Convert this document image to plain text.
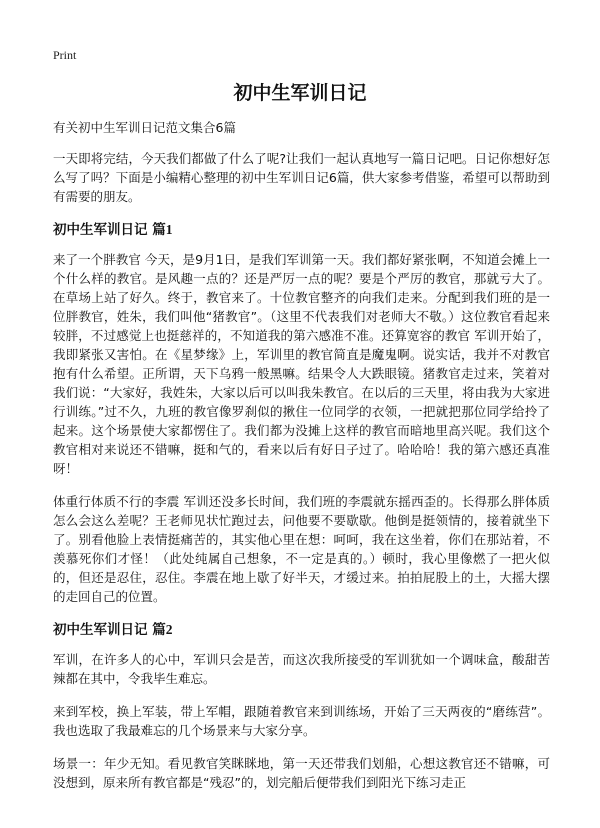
Print
初中生军训日记

有关初中生军训日记范文集合6篇

一天即将完结，今天我们都做了什么了呢?让我们一起认真地写一篇日记吧。日记你想好怎么写了吗？下面是小编精心整理的初中生军训日记6篇，供大家参考借鉴，希望可以帮助到有需要的朋友。

初中生军训日记 篇1

来了一个胖教官 今天，是9月1日，是我们军训第一天。我们都好紧张啊，不知道会摊上一个什么样的教官。是风趣一点的？还是严厉一点的呢？要是个严厉的教官，那就亏大了。在草场上站了好久。终于，教官来了。十位教官整齐的向我们走来。分配到我们班的是一位胖教官，姓朱，我们叫他“猪教官”。（这里不代表我们对老师大不敬。）这位教官看起来较胖，不过感觉上也挺慈祥的，不知道我的第六感准不准。还算宽容的教官 军训开始了，我即紧张又害怕。在《星梦缘》上，军训里的教官简直是魔鬼啊。说实话，我并不对教官抱有什么希望。正所谓，天下乌鸦一般黑嘛。结果令人大跌眼镜。猪教官走过来，笑着对我们说：“大家好，我姓朱，大家以后可以叫我朱教官。在以后的三天里，将由我为大家进行训练。”过不久，九班的教官像罗刹似的揪住一位同学的衣领，一把就把那位同学给拎了起来。这个场景使大家都愣住了。我们都为没摊上这样的教官而暗地里高兴呢。我们这个教官相对来说还不错嘛，挺和气的，看来以后有好日子过了。哈哈哈！我的第六感还真准呀！

体重行体质不行的李震 军训还没多长时间，我们班的李震就东摇西歪的。长得那么胖体质怎么会这么差呢？王老师见状忙跑过去，问他要不要歇歇。他倒是挺领情的，接着就坐下了。别看他脸上表情挺痛苦的，其实他心里在想：呵呵，我在这坐着，你们在那站着，不羡慕死你们才怪！（此处纯属自己想象，不一定是真的。）顿时，我心里像燃了一把火似的，但还是忍住，忍住。李震在地上歇了好半天，才缓过来。拍拍屁股上的土，大摇大摆的走回自己的位置。

初中生军训日记 篇2

军训，在许多人的心中，军训只会是苦，而这次我所接受的军训犹如一个调味盒，酸甜苦辣都在其中，令我毕生难忘。

来到军校，换上军装，带上军帽，跟随着教官来到训练场，开始了三天两夜的“磨练营”。我也选取了我最难忘的几个场景来与大家分享。

场景一：年少无知。看见教官笑眯眯地，第一天还带我们划船，心想这教官还不错嘛，可没想到，原来所有教官都是“残忍”的，划完船后便带我们到阳光下练习走正
